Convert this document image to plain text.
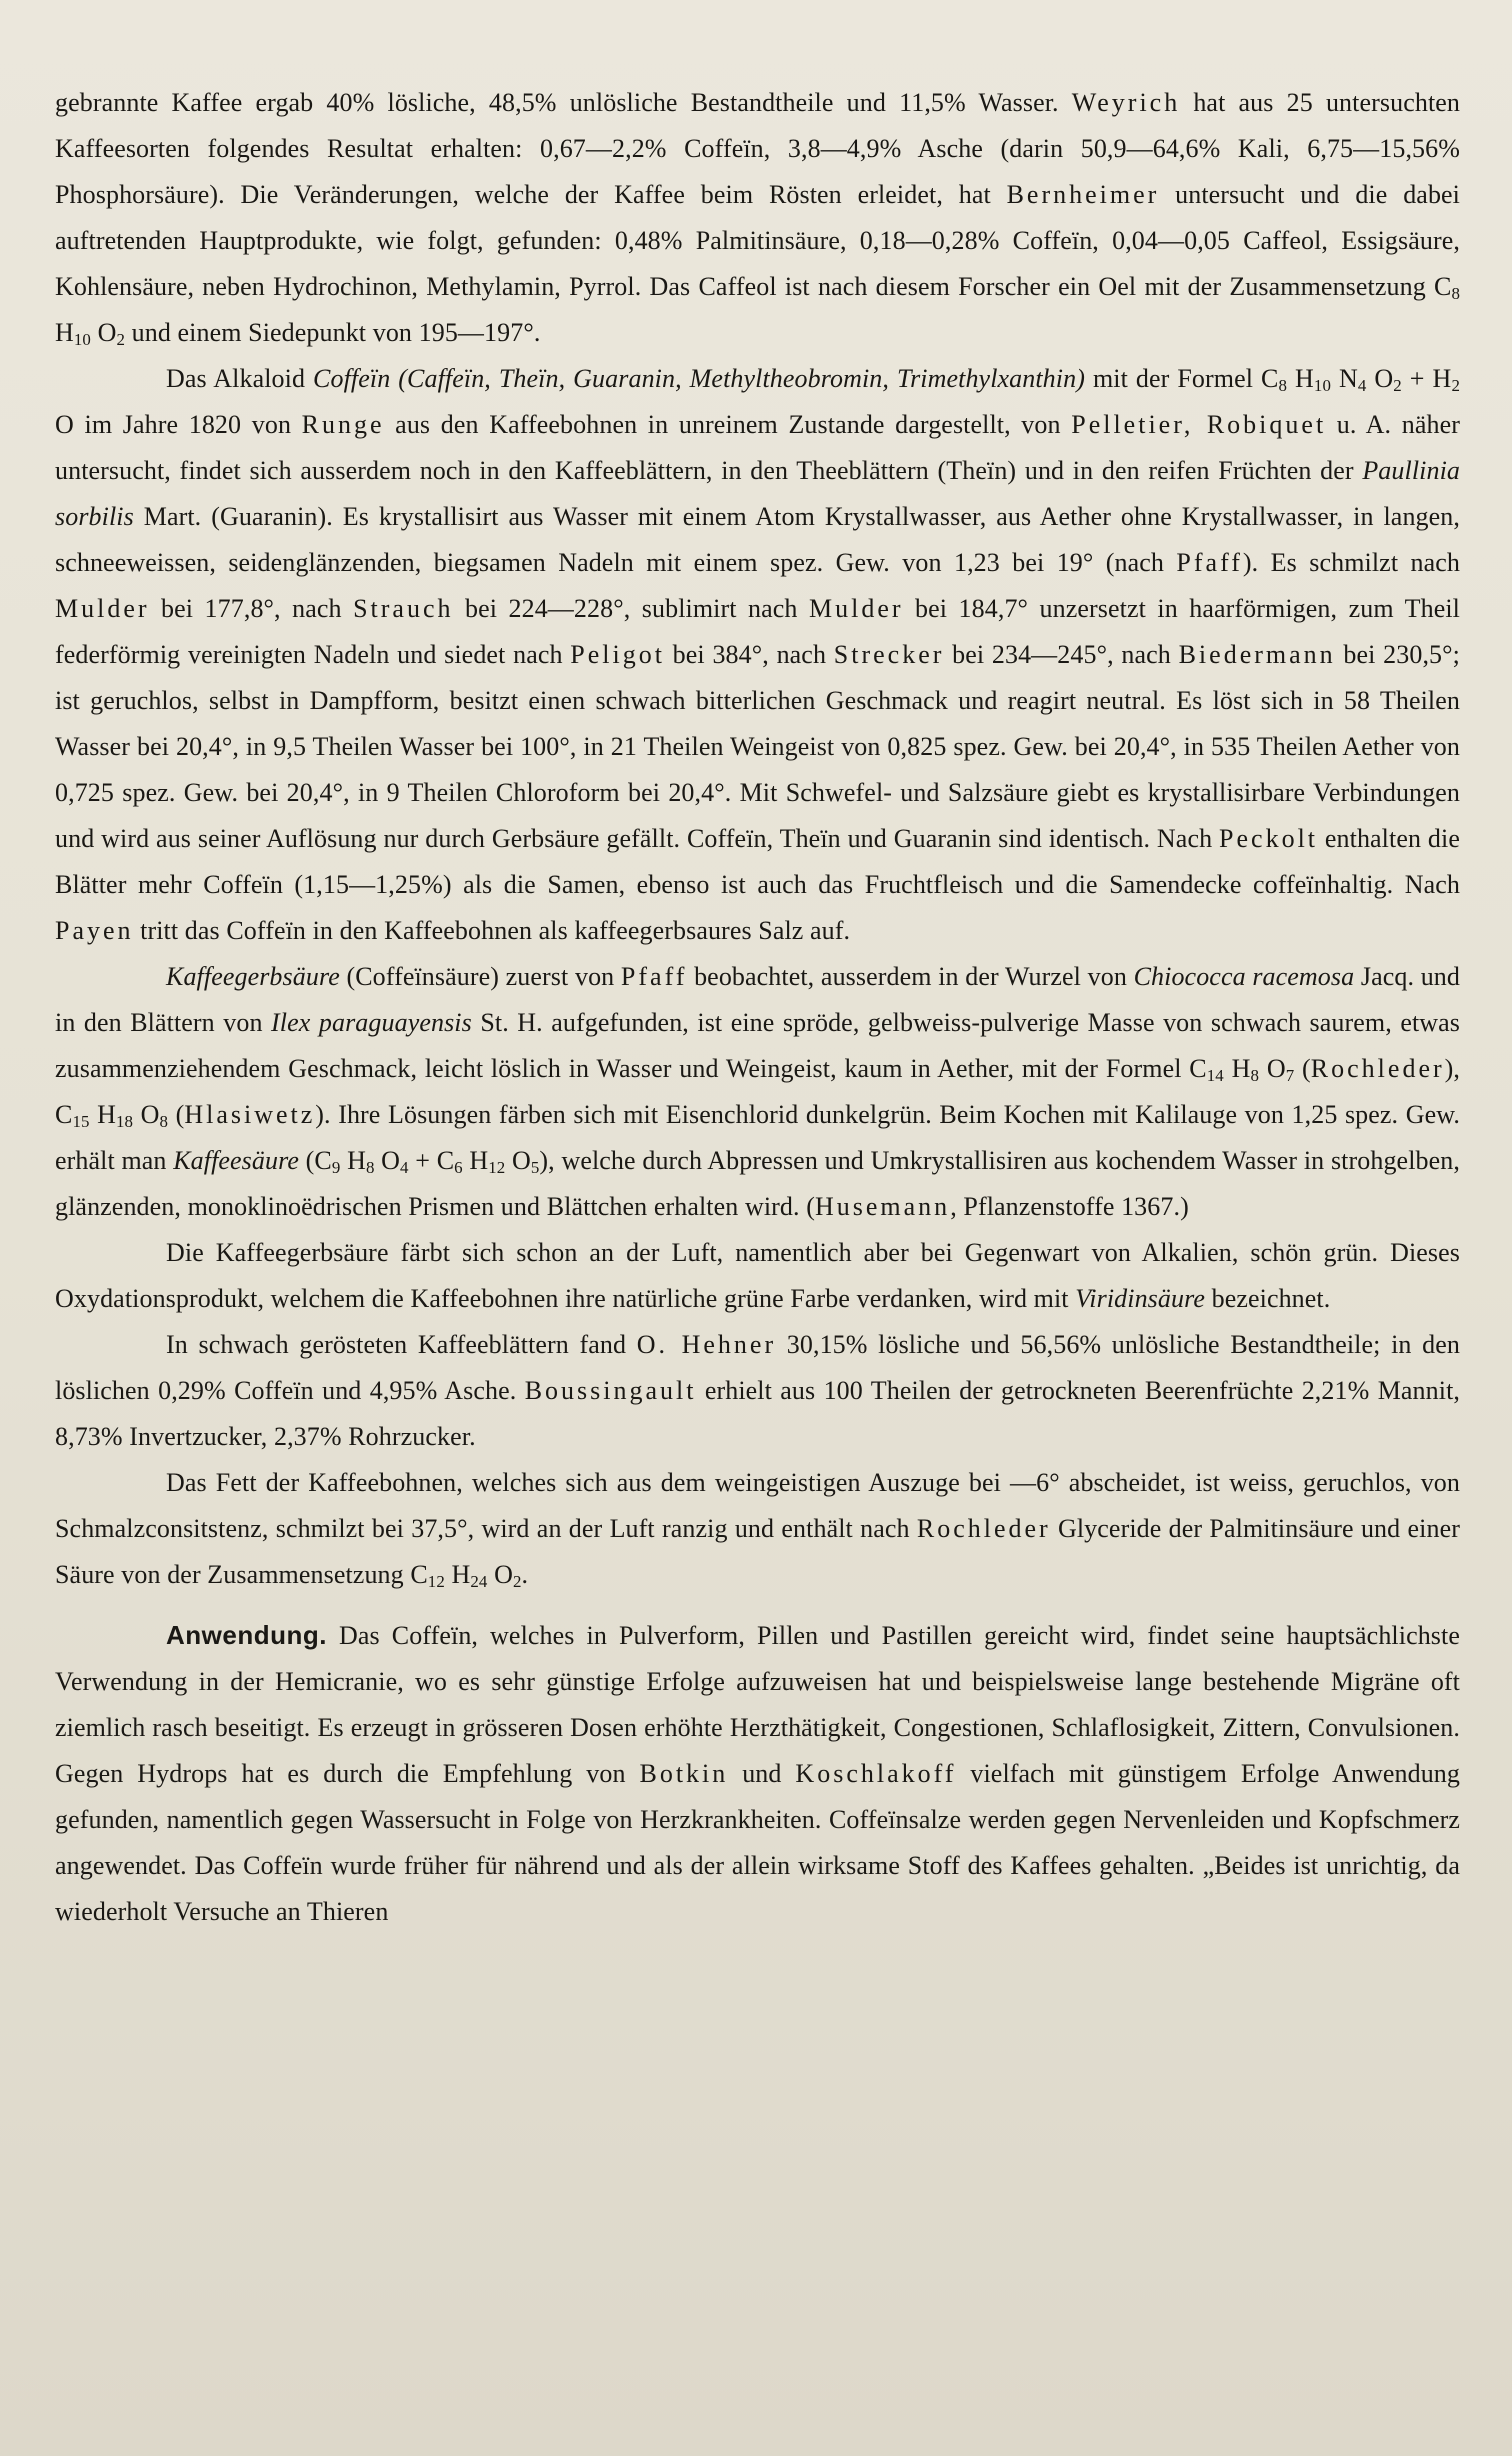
gebrannte Kaffee ergab 40% lösliche, 48,5% unlösliche Bestandtheile und 11,5% Wasser. Weyrich hat aus 25 untersuchten Kaffeesorten folgendes Resultat erhalten: 0,67—2,2% Coffeïn, 3,8—4,9% Asche (darin 50,9—64,6% Kali, 6,75—15,56% Phosphorsäure). Die Veränderungen, welche der Kaffee beim Rösten erleidet, hat Bernheimer untersucht und die dabei auftretenden Hauptprodukte, wie folgt, gefunden: 0,48% Palmitinsäure, 0,18—0,28% Coffeïn, 0,04—0,05 Caffeol, Essigsäure, Kohlensäure, neben Hydrochinon, Methylamin, Pyrrol. Das Caffeol ist nach diesem Forscher ein Oel mit der Zusammensetzung $C_8$ $H_{10}$ $O_2$ und einem Siedepunkt von 195—197°.

Das Alkaloid Coffeïn (Caffeïn, Theïn, Guaranin, Methyltheobromin, Trimethylxanthin) mit der Formel $C_8$ $H_{10}$ $N_4$ $O_2 + H_2$ O im Jahre 1820 von Runge aus den Kaffeebohnen in unreinem Zustande dargestellt, von Pelletier, Robiquet u. A. näher untersucht, findet sich ausserdem noch in den Kaffeeblättern, in den Theeblättern (Theïn) und in den reifen Früchten der Paullinia sorbilis Mart. (Guaranin). Es krystallisirt aus Wasser mit einem Atom Krystallwasser, aus Aether ohne Krystallwasser, in langen, schneeweissen, seidenglänzenden, biegsamen Nadeln mit einem spez. Gew. von 1,23 bei 19° (nach Pfaff). Es schmilzt nach Mulder bei 177,8°, nach Strauch bei 224—228°, sublimirt nach Mulder bei 184,7° unzersetzt in haarförmigen, zum Theil federförmig vereinigten Nadeln und siedet nach Peligot bei 384°, nach Strecker bei 234—245°, nach Biedermann bei 230,5°; ist geruchlos, selbst in Dampfform, besitzt einen schwach bitterlichen Geschmack und reagirt neutral. Es löst sich in 58 Theilen Wasser bei 20,4°, in 9,5 Theilen Wasser bei 100°, in 21 Theilen Weingeist von 0,825 spez. Gew. bei 20,4°, in 535 Theilen Aether von 0,725 spez. Gew. bei 20,4°, in 9 Theilen Chloroform bei 20,4°. Mit Schwefel- und Salzsäure giebt es krystallisirbare Verbindungen und wird aus seiner Auflösung nur durch Gerbsäure gefällt. Coffeïn, Theïn und Guaranin sind identisch. Nach Peckolt enthalten die Blätter mehr Coffeïn (1,15—1,25%) als die Samen, ebenso ist auch das Fruchtfleisch und die Samendecke coffeïnhaltig. Nach Payen tritt das Coffeïn in den Kaffeebohnen als kaffeegerbsaures Salz auf.

Kaffeegerbsäure (Coffeïnsäure) zuerst von Pfaff beobachtet, ausserdem in der Wurzel von Chiococca racemosa Jacq. und in den Blättern von Ilex paraguayensis St. H. aufgefunden, ist eine spröde, gelbweiss-pulverige Masse von schwach saurem, etwas zusammenziehendem Geschmack, leicht löslich in Wasser und Weingeist, kaum in Aether, mit der Formel $C_{14}$ $H_8$ $O_7$ (Rochleder), $C_{15}$ $H_{18}$ $O_8$ (Hlasiwetz). Ihre Lösungen färben sich mit Eisenchlorid dunkelgrün. Beim Kochen mit Kalilauge von 1,25 spez. Gew. erhält man Kaffeesäure ($C_9$ $H_8$ $O_4 + C_6$ $H_{12}$ $O_5$), welche durch Abpressen und Umkrystallisiren aus kochendem Wasser in strohgelben, glänzenden, monoklinoëdrischen Prismen und Blättchen erhalten wird. (Husemann, Pflanzenstoffe 1367.)

Die Kaffeegerbsäure färbt sich schon an der Luft, namentlich aber bei Gegenwart von Alkalien, schön grün. Dieses Oxydationsprodukt, welchem die Kaffeebohnen ihre natürliche grüne Farbe verdanken, wird mit Viridinsäure bezeichnet.

In schwach gerösteten Kaffeeblättern fand O. Hehner 30,15% lösliche und 56,56% unlösliche Bestandtheile; in den löslichen 0,29% Coffeïn und 4,95% Asche. Boussingault erhielt aus 100 Theilen der getrockneten Beerenfrüchte 2,21% Mannit, 8,73% Invertzucker, 2,37% Rohrzucker.

Das Fett der Kaffeebohnen, welches sich aus dem weingeistigen Auszuge bei —6° abscheidet, ist weiss, geruchlos, von Schmalzconsitstenz, schmilzt bei 37,5°, wird an der Luft ranzig und enthält nach Rochleder Glyceride der Palmitinsäure und einer Säure von der Zusammensetzung $C_{12}$ $H_{24}$ $O_2$.

Anwendung. Das Coffeïn, welches in Pulverform, Pillen und Pastillen gereicht wird, findet seine hauptsächlichste Verwendung in der Hemicranie, wo es sehr günstige Erfolge aufzuweisen hat und beispielsweise lange bestehende Migräne oft ziemlich rasch beseitigt. Es erzeugt in grösseren Dosen erhöhte Herzthätigkeit, Congestionen, Schlaflosigkeit, Zittern, Convulsionen. Gegen Hydrops hat es durch die Empfehlung von Botkin und Koschlakoff vielfach mit günstigem Erfolge Anwendung gefunden, namentlich gegen Wassersucht in Folge von Herzkrankheiten. Coffeïnsalze werden gegen Nervenleiden und Kopfschmerz angewendet. Das Coffeïn wurde früher für nährend und als der allein wirksame Stoff des Kaffees gehalten. „Beides ist unrichtig, da wiederholt Versuche an Thieren
